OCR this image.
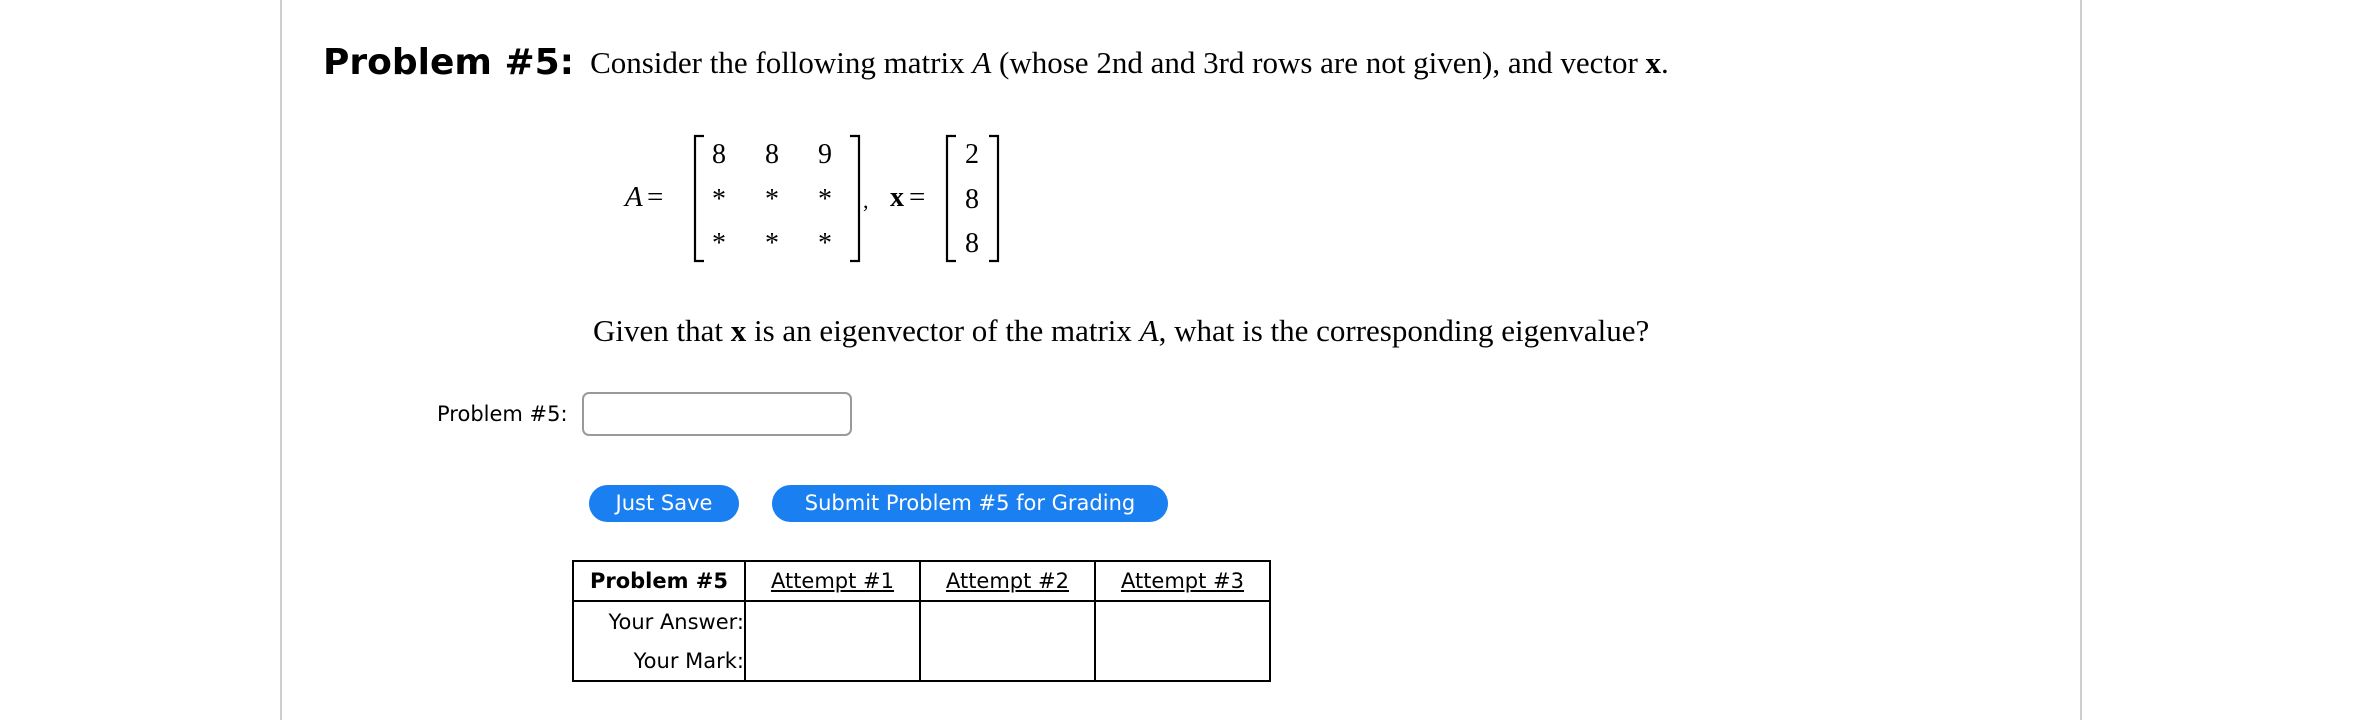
Problem #5: Consider the following matrix A (whose 2nd and 3rd rows are not given), and vector x.
A =
8 8 9
* * *
* * *
, x =
2
8
8
Given that x is an eigenvector of the matrix A, what is the corresponding eigenvalue?
Problem #5:
Just Save	Submit Problem #5 for Grading
Problem #5	Attempt #1	Attempt #2	Attempt #3
Your Answer:			
Your Mark:			
